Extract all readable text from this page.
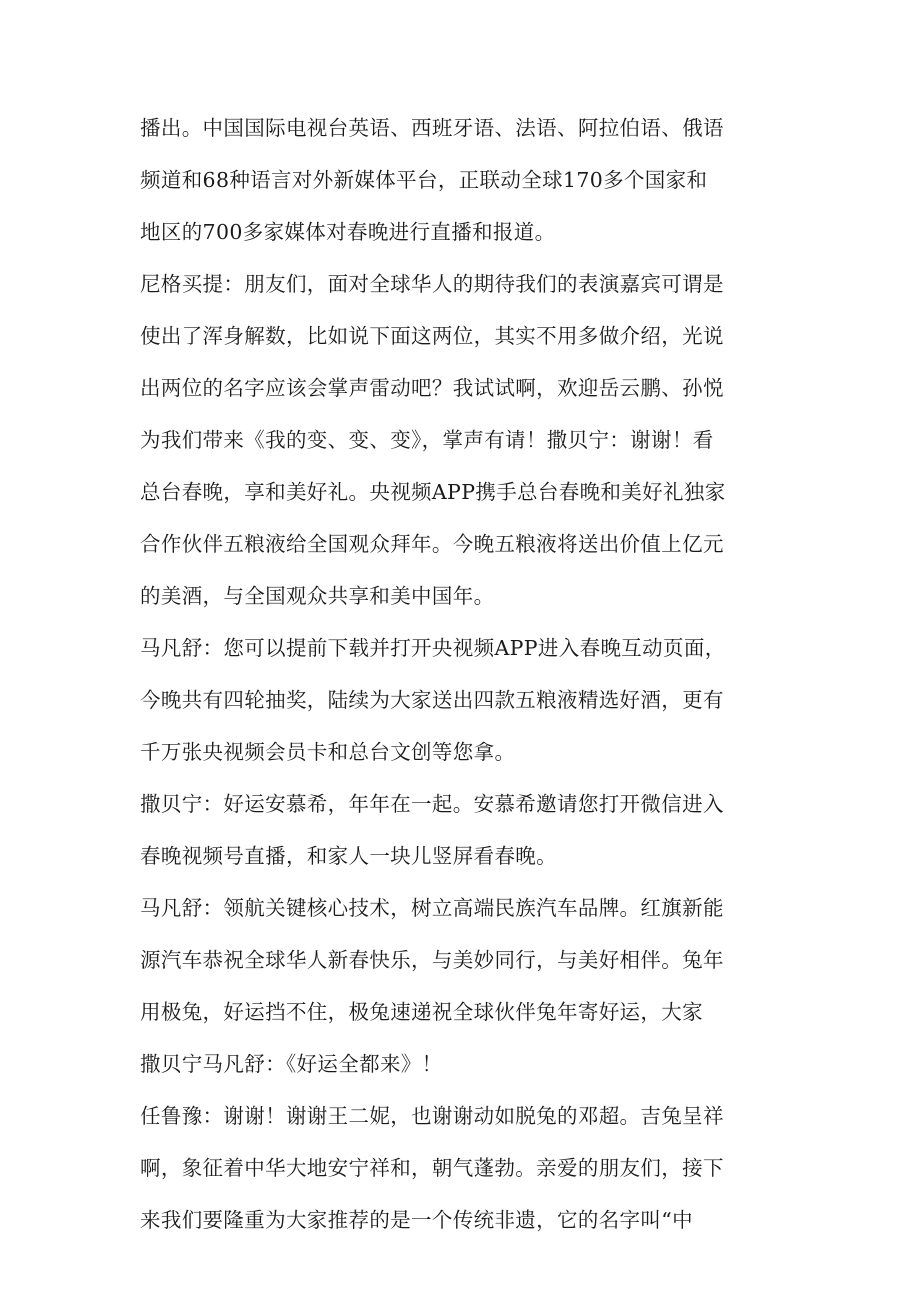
播出。中国国际电视台英语、西班牙语、法语、阿拉伯语、俄语
频道和68种语言对外新媒体平台，正联动全球170多个国家和
地区的700多家媒体对春晚进行直播和报道。
尼格买提：朋友们，面对全球华人的期待我们的表演嘉宾可谓是
使出了浑身解数，比如说下面这两位，其实不用多做介绍，光说
出两位的名字应该会掌声雷动吧？我试试啊，欢迎岳云鹏、孙悦
为我们带来《我的变、变、变》，掌声有请！撒贝宁：谢谢！看
总台春晚，享和美好礼。央视频APP携手总台春晚和美好礼独家
合作伙伴五粮液给全国观众拜年。今晚五粮液将送出价值上亿元
的美酒，与全国观众共享和美中国年。
马凡舒：您可以提前下载并打开央视频APP进入春晚互动页面，
今晚共有四轮抽奖，陆续为大家送出四款五粮液精选好酒，更有
千万张央视频会员卡和总台文创等您拿。
撒贝宁：好运安慕希，年年在一起。安慕希邀请您打开微信进入
春晚视频号直播，和家人一块儿竖屏看春晚。
马凡舒：领航关键核心技术，树立高端民族汽车品牌。红旗新能
源汽车恭祝全球华人新春快乐，与美妙同行，与美好相伴。兔年
用极兔，好运挡不住，极兔速递祝全球伙伴兔年寄好运，大家
撒贝宁马凡舒：《好运全都来》！
任鲁豫：谢谢！谢谢王二妮，也谢谢动如脱兔的邓超。吉兔呈祥
啊，象征着中华大地安宁祥和，朝气蓬勃。亲爱的朋友们，接下
来我们要隆重为大家推荐的是一个传统非遗，它的名字叫“中
